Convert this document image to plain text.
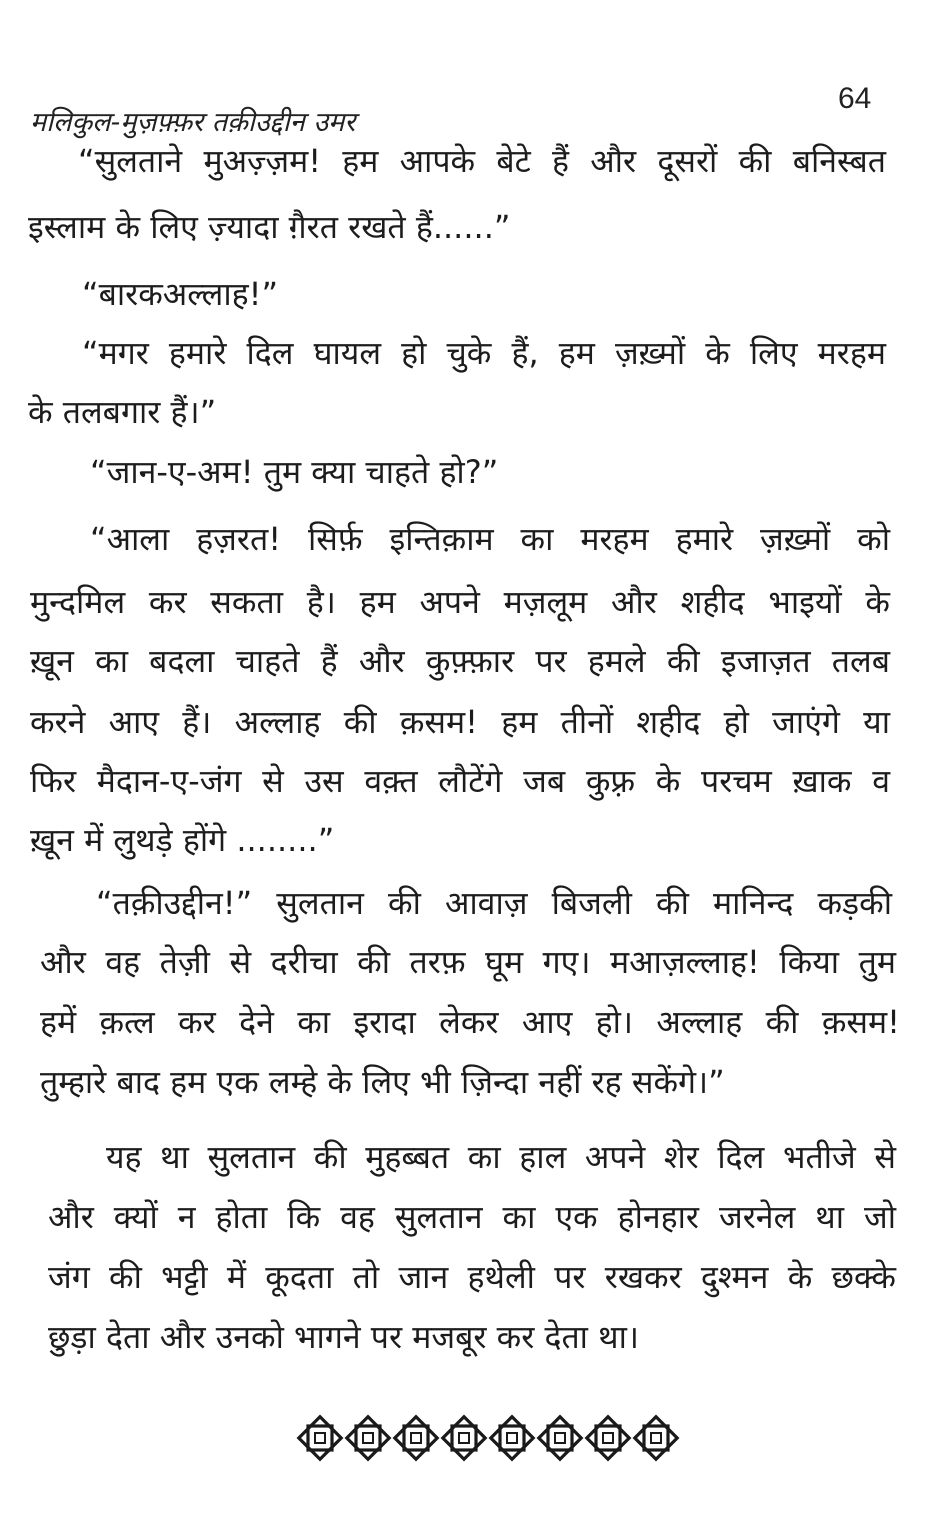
64
मलिकुल-मुज़फ़्फ़र तक़ीउद्दीन उमर
“सुलताने मुअज़्ज़म! हम आपके बेटे हैं और दूसरों की बनिस्बत
इस्लाम के लिए ज़्यादा ग़ैरत रखते हैं......”
“बारकअल्लाह!”
“मगर हमारे दिल घायल हो चुके हैं, हम ज़ख़्मों के लिए मरहम
के तलबगार हैं।”
“जान-ए-अम! तुम क्या चाहते हो?”
“आला हज़रत! सिर्फ़ इन्तिक़ाम का मरहम हमारे ज़ख़्मों को
मुन्दमिल कर सकता है। हम अपने मज़लूम और शहीद भाइयों के
ख़ून का बदला चाहते हैं और कुफ़्फ़ार पर हमले की इजाज़त तलब
करने आए हैं। अल्लाह की क़सम! हम तीनों शहीद हो जाएंगे या
फिर मैदान-ए-जंग से उस वक़्त लौटेंगे जब कुफ़्र के परचम ख़ाक व
ख़ून में लुथड़े होंगे ........”
“तक़ीउद्दीन!” सुलतान की आवाज़ बिजली की मानिन्द कड़की
और वह तेज़ी से दरीचा की तरफ़ घूम गए। मआज़ल्लाह! किया तुम
हमें क़त्ल कर देने का इरादा लेकर आए हो। अल्लाह की क़सम!
तुम्हारे बाद हम एक लम्हे के लिए भी ज़िन्दा नहीं रह सकेंगे।”
यह था सुलतान की मुहब्बत का हाल अपने शेर दिल भतीजे से
और क्यों न होता कि वह सुलतान का एक होनहार जरनेल था जो
जंग की भट्टी में कूदता तो जान हथेली पर रखकर दुश्मन के छक्के
छुड़ा देता और उनको भागने पर मजबूर कर देता था।
